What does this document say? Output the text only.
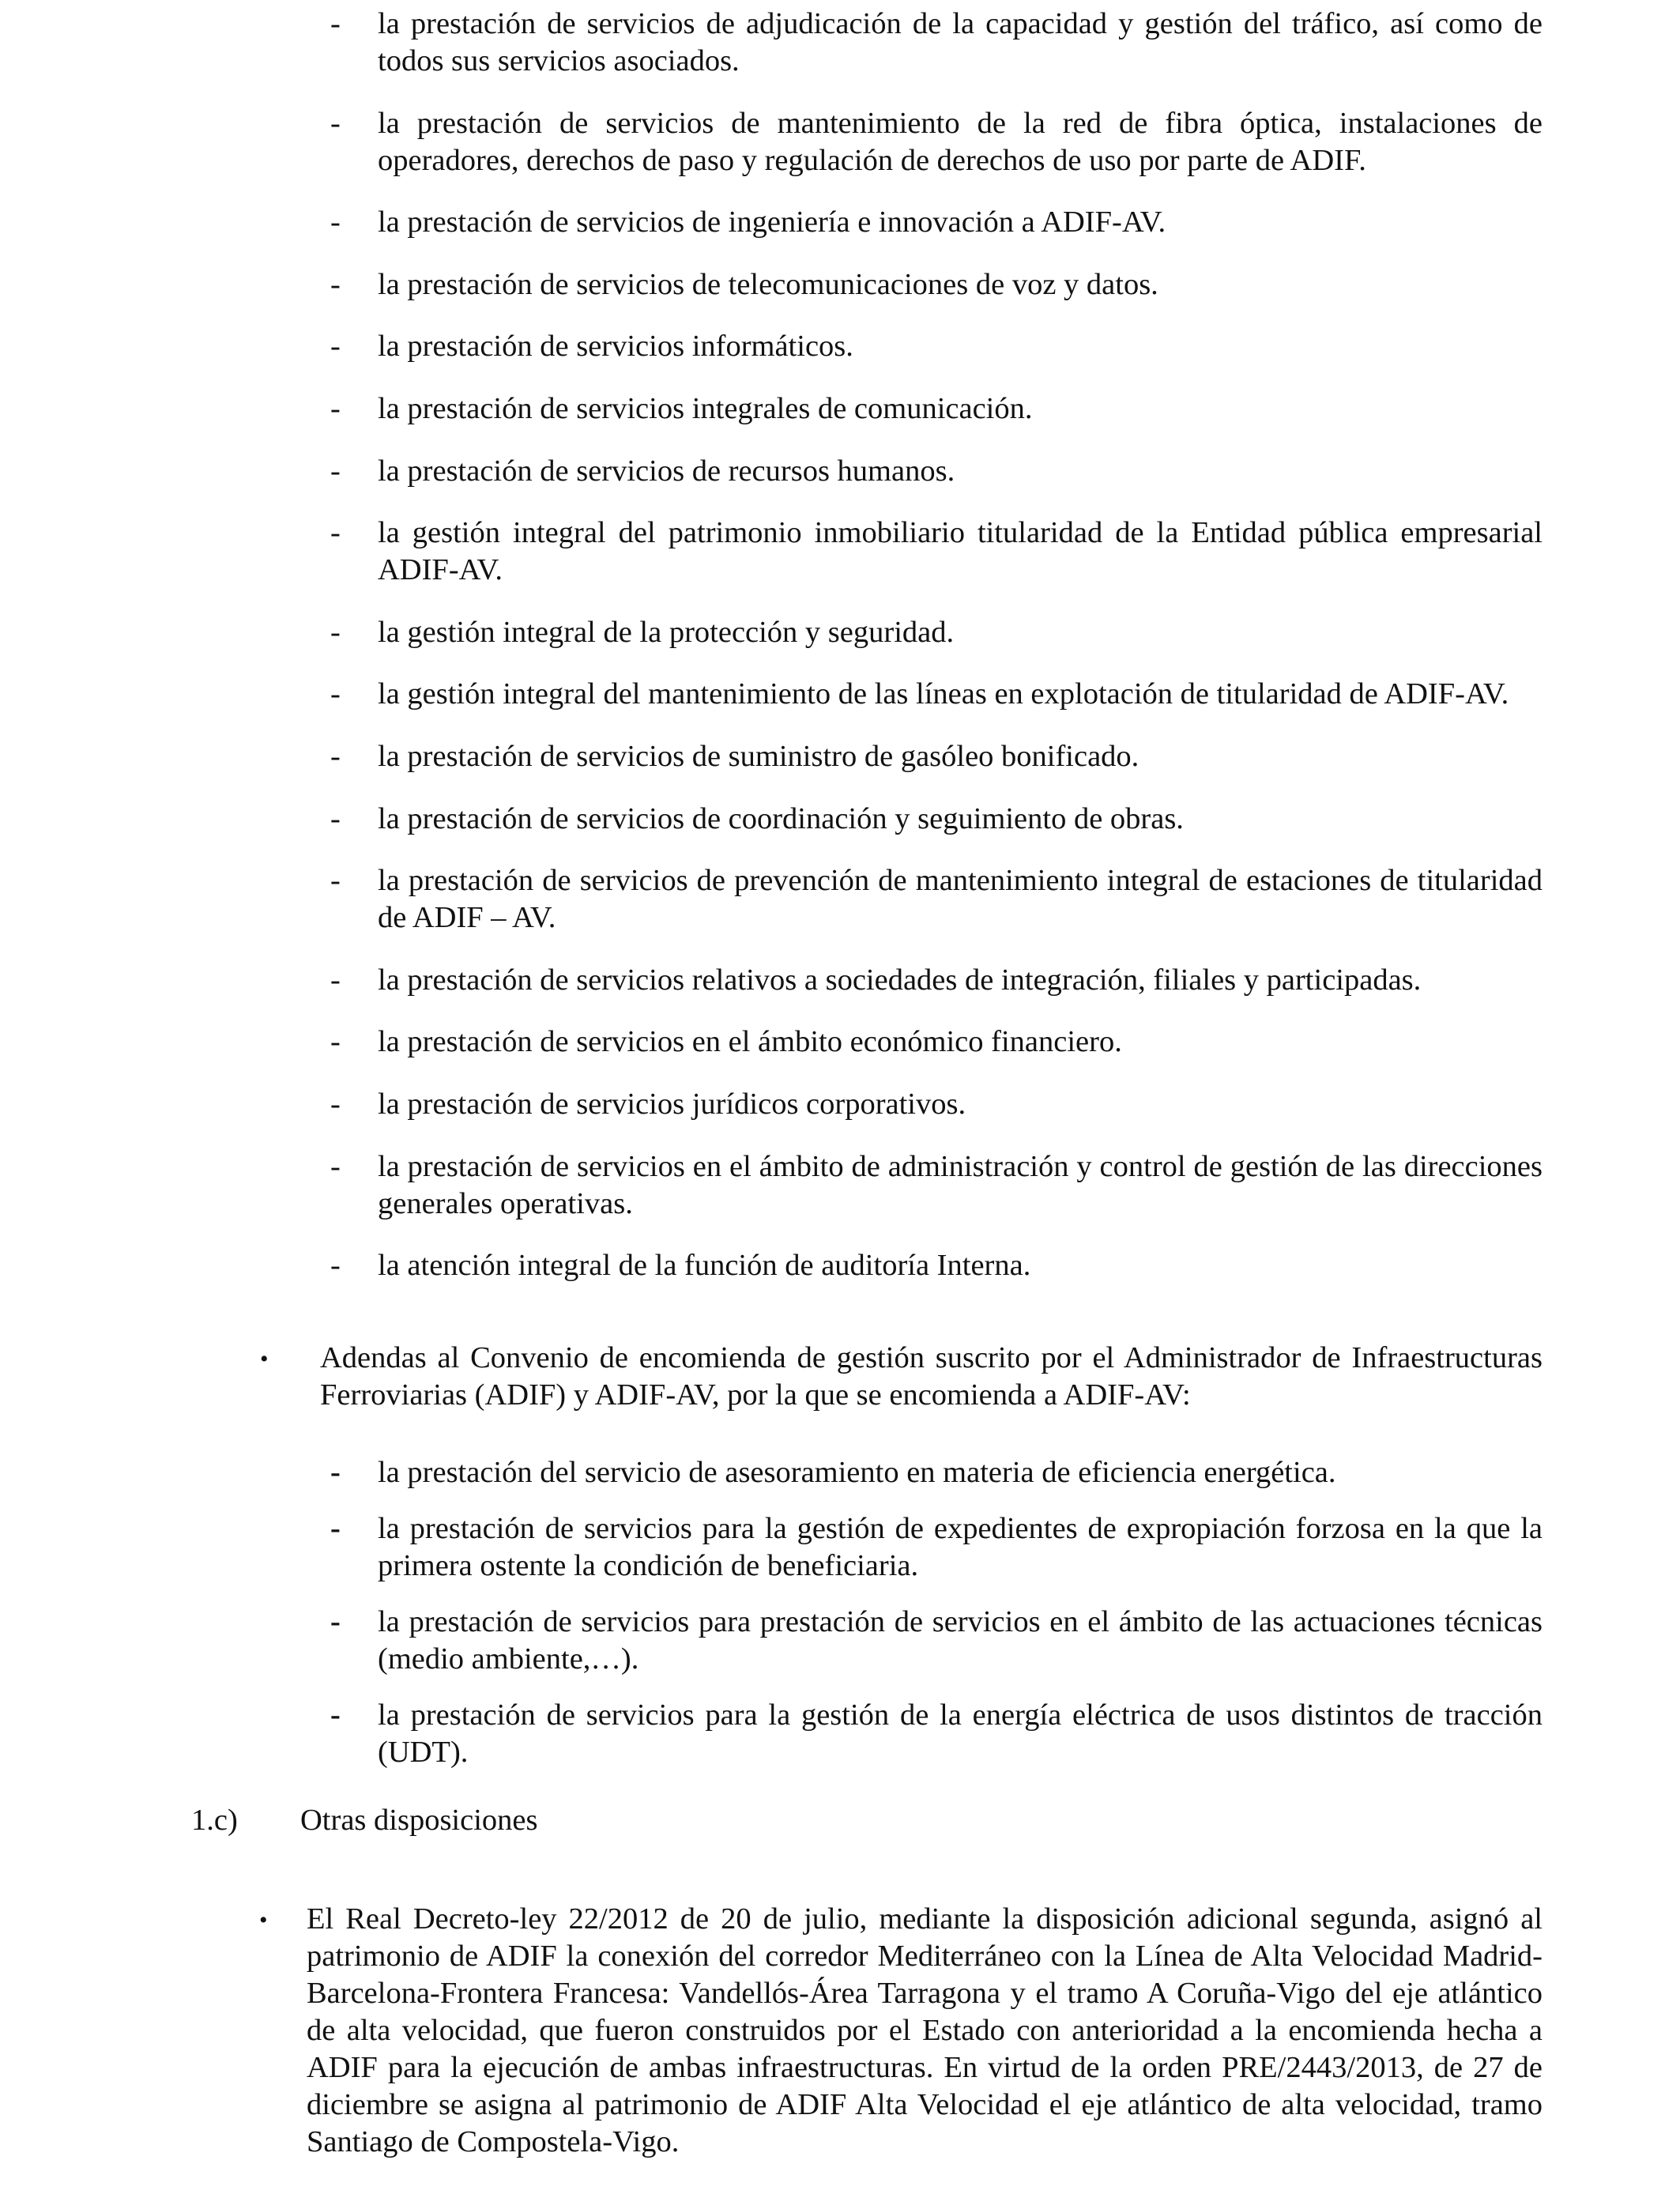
- la prestación de servicios de adjudicación de la capacidad y gestión del tráfico, así como de todos sus servicios asociados.
- la prestación de servicios de mantenimiento de la red de fibra óptica, instalaciones de operadores, derechos de paso y regulación de derechos de uso por parte de ADIF.
- la prestación de servicios de ingeniería e innovación a ADIF-AV.
- la prestación de servicios de telecomunicaciones de voz y datos.
- la prestación de servicios informáticos.
- la prestación de servicios integrales de comunicación.
- la prestación de servicios de recursos humanos.
- la gestión integral del patrimonio inmobiliario titularidad de la Entidad pública empresarial ADIF-AV.
- la gestión integral de la protección y seguridad.
- la gestión integral del mantenimiento de las líneas en explotación de titularidad de ADIF-AV.
- la prestación de servicios de suministro de gasóleo bonificado.
- la prestación de servicios de coordinación y seguimiento de obras.
- la prestación de servicios de prevención de mantenimiento integral de estaciones de titularidad de ADIF – AV.
- la prestación de servicios relativos a sociedades de integración, filiales y participadas.
- la prestación de servicios en el ámbito económico financiero.
- la prestación de servicios jurídicos corporativos.
- la prestación de servicios en el ámbito de administración y control de gestión de las direcciones generales operativas.
- la atención integral de la función de auditoría Interna.

• Adendas al Convenio de encomienda de gestión suscrito por el Administrador de Infraestructuras Ferroviarias (ADIF) y ADIF-AV, por la que se encomienda a ADIF-AV:

- la prestación del servicio de asesoramiento en materia de eficiencia energética.
- la prestación de servicios para la gestión de expedientes de expropiación forzosa en la que la primera ostente la condición de beneficiaria.
- la prestación de servicios para prestación de servicios en el ámbito de las actuaciones técnicas (medio ambiente,…).
- la prestación de servicios para la gestión de la energía eléctrica de usos distintos de tracción (UDT).
1.c) Otras disposiciones

• El Real Decreto-ley 22/2012 de 20 de julio, mediante la disposición adicional segunda, asignó al patrimonio de ADIF la conexión del corredor Mediterráneo con la Línea de Alta Velocidad Madrid-Barcelona-Frontera Francesa: Vandellós-Área Tarragona y el tramo A Coruña-Vigo del eje atlántico de alta velocidad, que fueron construidos por el Estado con anterioridad a la encomienda hecha a ADIF para la ejecución de ambas infraestructuras. En virtud de la orden PRE/2443/2013, de 27 de diciembre se asigna al patrimonio de ADIF Alta Velocidad el eje atlántico de alta velocidad, tramo Santiago de Compostela-Vigo.
